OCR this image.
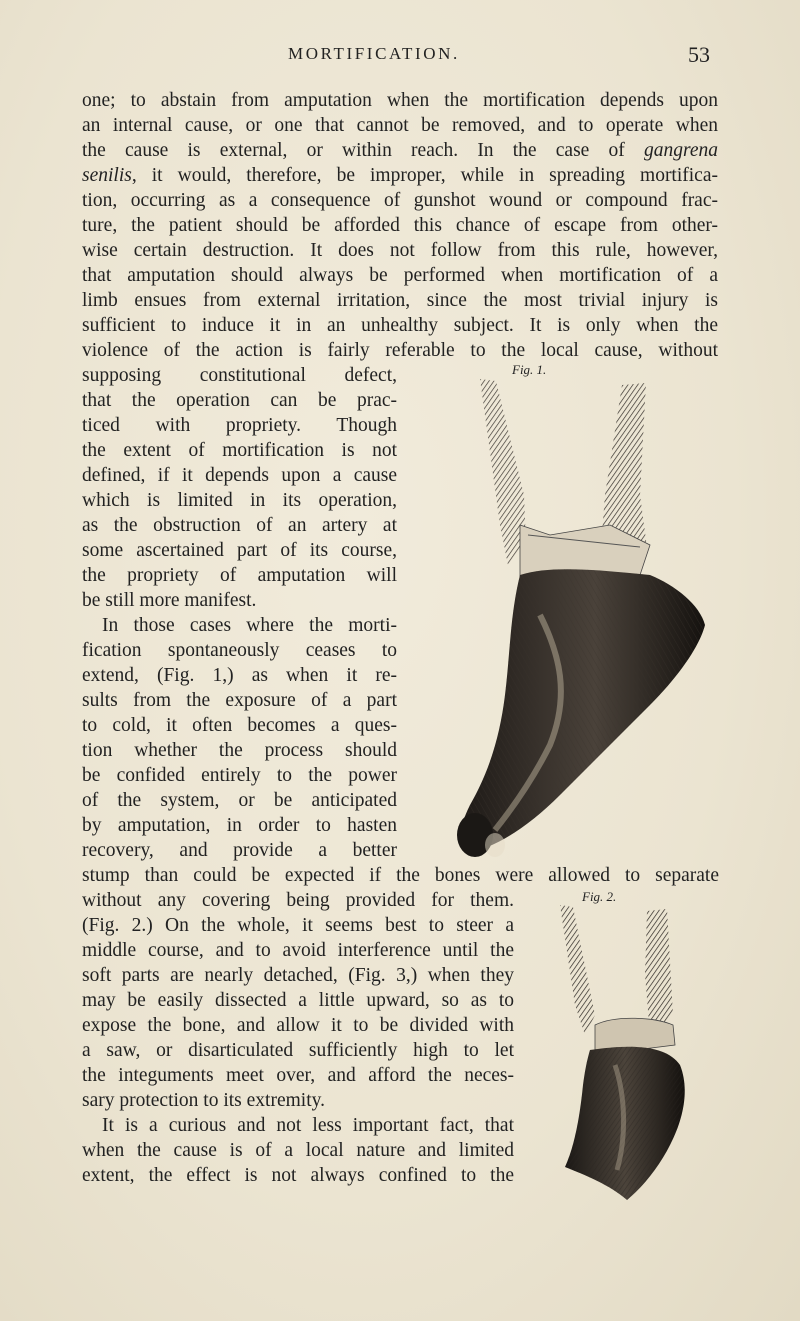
MORTIFICATION.	53
one; to abstain from amputation when the mortification depends upon
an internal cause, or one that cannot be removed, and to operate when
the cause is external, or within reach. In the case of gangrena
senilis, it would, therefore, be improper, while in spreading mortifica-
tion, occurring as a consequence of gunshot wound or compound frac-
ture, the patient should be afforded this chance of escape from other-
wise certain destruction. It does not follow from this rule, however,
that amputation should always be performed when mortification of a
limb ensues from external irritation, since the most trivial injury is
sufficient to induce it in an unhealthy subject. It is only when the
violence of the action is fairly referable to the local cause, without
supposing constitutional defect,
that the operation can be prac-
ticed with propriety. Though
the extent of mortification is not
defined, if it depends upon a cause
which is limited in its operation,
as the obstruction of an artery at
some ascertained part of its course,
the propriety of amputation will
be still more manifest.
In those cases where the morti-
fication spontaneously ceases to
extend, (Fig. 1,) as when it re-
sults from the exposure of a part
to cold, it often becomes a ques-
tion whether the process should
be confided entirely to the power
of the system, or be anticipated
by amputation, in order to hasten
recovery, and provide a better
stump than could be expected if the bones were allowed to separate
without any covering being provided for them.
(Fig. 2.) On the whole, it seems best to steer a
middle course, and to avoid interference until the
soft parts are nearly detached, (Fig. 3,) when they
may be easily dissected a little upward, so as to
expose the bone, and allow it to be divided with
a saw, or disarticulated sufficiently high to let
the integuments meet over, and afford the neces-
sary protection to its extremity.
It is a curious and not less important fact, that
when the cause is of a local nature and limited
extent, the effect is not always confined to the
Fig. 1.
Fig. 2.
